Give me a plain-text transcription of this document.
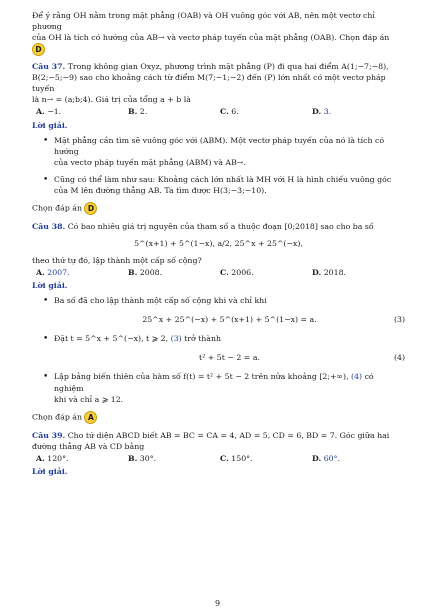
Để ý rằng OH nằm trong mặt phẳng (OAB) và OH vuông góc với AB, nên một vectơ chỉ phương

của OH là tích có hướng của AB→ và vectơ pháp tuyến của mặt phẳng (OAB). Chọn đáp án

D

Câu 37. Trong không gian Oxyz, phương trình mặt phẳng (P) đi qua hai điểm A(1;−7;−8),

B(2;−5;−9) sao cho khoảng cách từ điểm M(7;−1;−2) đến (P) lớn nhất có một vectơ pháp tuyến

là n→ = (a;b;4). Giá trị của tổng a + b là

A. −1.	B. 2.	C. 6.	D. 3.

Lời giải.

• Mặt phẳng cần tìm sẽ vuông góc với (ABM). Một vectơ pháp tuyến của nó là tích có hướng
của vectơ pháp tuyến mặt phẳng (ABM) và AB→.
• Cũng có thể làm như sau: Khoảng cách lớn nhất là MH với H là hình chiếu vuông góc
của M lên đường thẳng AB. Ta tìm được H(3;−3;−10).

Chọn đáp án D

Câu 38. Có bao nhiêu giá trị nguyên của tham số a thuộc đoạn [0;2018] sao cho ba số

5^(x+1) + 5^(1−x), a/2, 25^x + 25^(−x),

theo thứ tự đó, lập thành một cấp số cộng?

A. 2007.	B. 2008.	C. 2006.	D. 2018.

Lời giải.

• Ba số đã cho lập thành một cấp số cộng khi và chỉ khi
25^x + 25^(−x) + 5^(x+1) + 5^(1−x) = a.	(3)
• Đặt t = 5^x + 5^(−x), t ⩾ 2, (3) trở thành
t² + 5t − 2 = a.	(4)
• Lập bảng biến thiên của hàm số f(t) = t² + 5t − 2 trên nửa khoảng [2;+∞), (4) có nghiệm
khi và chỉ a ⩾ 12.

Chọn đáp án A

Câu 39. Cho tứ diện ABCD biết AB = BC = CA = 4, AD = 5, CD = 6, BD = 7. Góc giữa hai

đường thẳng AB và CD bằng

A. 120°.	B. 30°.	C. 150°.	D. 60°.

Lời giải.

9
